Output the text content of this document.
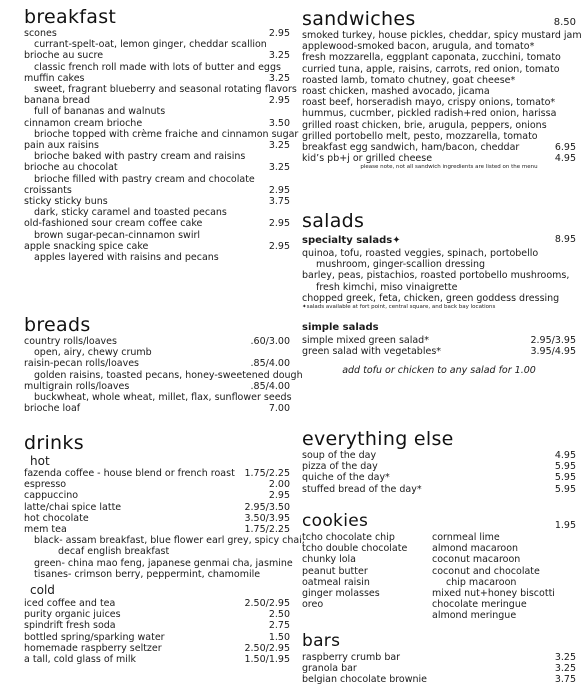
breakfast
scones	2.95
currant-spelt-oat, lemon ginger, cheddar scallion
brioche au sucre	3.25
classic french roll made with lots of butter and eggs
muffin cakes	3.25
sweet, fragrant blueberry and seasonal rotating flavors
banana bread	2.95
full of bananas and walnuts
cinnamon cream brioche	3.50
brioche topped with crème fraiche and cinnamon sugar
pain aux raisins	3.25
brioche baked with pastry cream and raisins
brioche au chocolat	3.25
brioche filled with pastry cream and chocolate
croissants	2.95
sticky sticky buns	3.75
dark, sticky caramel and toasted pecans
old-fashioned sour cream coffee cake	2.95
brown sugar-pecan-cinnamon swirl
apple snacking spice cake	2.95
apples layered with raisins and pecans
breads
country rolls/loaves	.60/3.00
open, airy, chewy crumb
raisin-pecan rolls/loaves	.85/4.00
golden raisins, toasted pecans, honey-sweetened dough
multigrain rolls/loaves	.85/4.00
buckwheat, whole wheat, millet, flax, sunflower seeds
brioche loaf	7.00
drinks
hot
fazenda coffee - house blend or french roast 1.75/2.25
espresso	2.00
cappuccino	2.95
latte/chai spice latte	2.95/3.50
hot chocolate	3.50/3.95
mem tea	1.75/2.25
black- assam breakfast, blue flower earl grey, spicy chai,
decaf english breakfast
green- china mao feng, japanese genmai cha, jasmine
tisanes- crimson berry, peppermint, chamomile
cold
iced coffee and tea	2.50/2.95
purity organic juices	2.50
spindrift fresh soda	2.75
bottled spring/sparking water	1.50
homemade raspberry seltzer	2.50/2.95
a tall, cold glass of milk	1.50/1.95
sandwiches	8.50
smoked turkey, house pickles, cheddar, spicy mustard jam
applewood-smoked bacon, arugula, and tomato*
fresh mozzarella, eggplant caponata, zucchini, tomato
curried tuna, apple, raisins, carrots, red onion, tomato
roasted lamb, tomato chutney, goat cheese*
roast chicken, mashed avocado, jicama
roast beef, horseradish mayo, crispy onions, tomato*
hummus, cucmber, pickled radish+red onion, harissa
grilled roast chicken, brie, arugula, peppers, onions
grilled portobello melt, pesto, mozzarella, tomato
breakfast egg sandwich, ham/bacon, cheddar	6.95
kid’s pb+j or grilled cheese	4.95
please note, not all sandwich ingredients are listed on the menu
salads
specialty salads✦	8.95
quinoa, tofu, roasted veggies, spinach, portobello
mushroom, ginger-scallion dressing
barley, peas, pistachios, roasted portobello mushrooms,
fresh kimchi, miso vinaigrette
chopped greek, feta, chicken, green goddess dressing
✦salads available at fort point, central square, and back bay locations
simple salads
simple mixed green salad*	2.95/3.95
green salad with vegetables*	3.95/4.95
add tofu or chicken to any salad for 1.00
everything else
soup of the day	4.95
pizza of the day	5.95
quiche of the day*	5.95
stuffed bread of the day*	5.95
cookies
tcho chocolate chip
tcho double chocolate
chunky lola
peanut butter
oatmeal raisin
ginger molasses
oreo
cornmeal lime
almond macaroon
coconut macaroon
coconut and chocolate
chip macaroon
mixed nut+honey biscotti
chocolate meringue
almond meringue
1.95
bars
raspberry crumb bar	3.25
granola bar	3.25
belgian chocolate brownie	3.75
